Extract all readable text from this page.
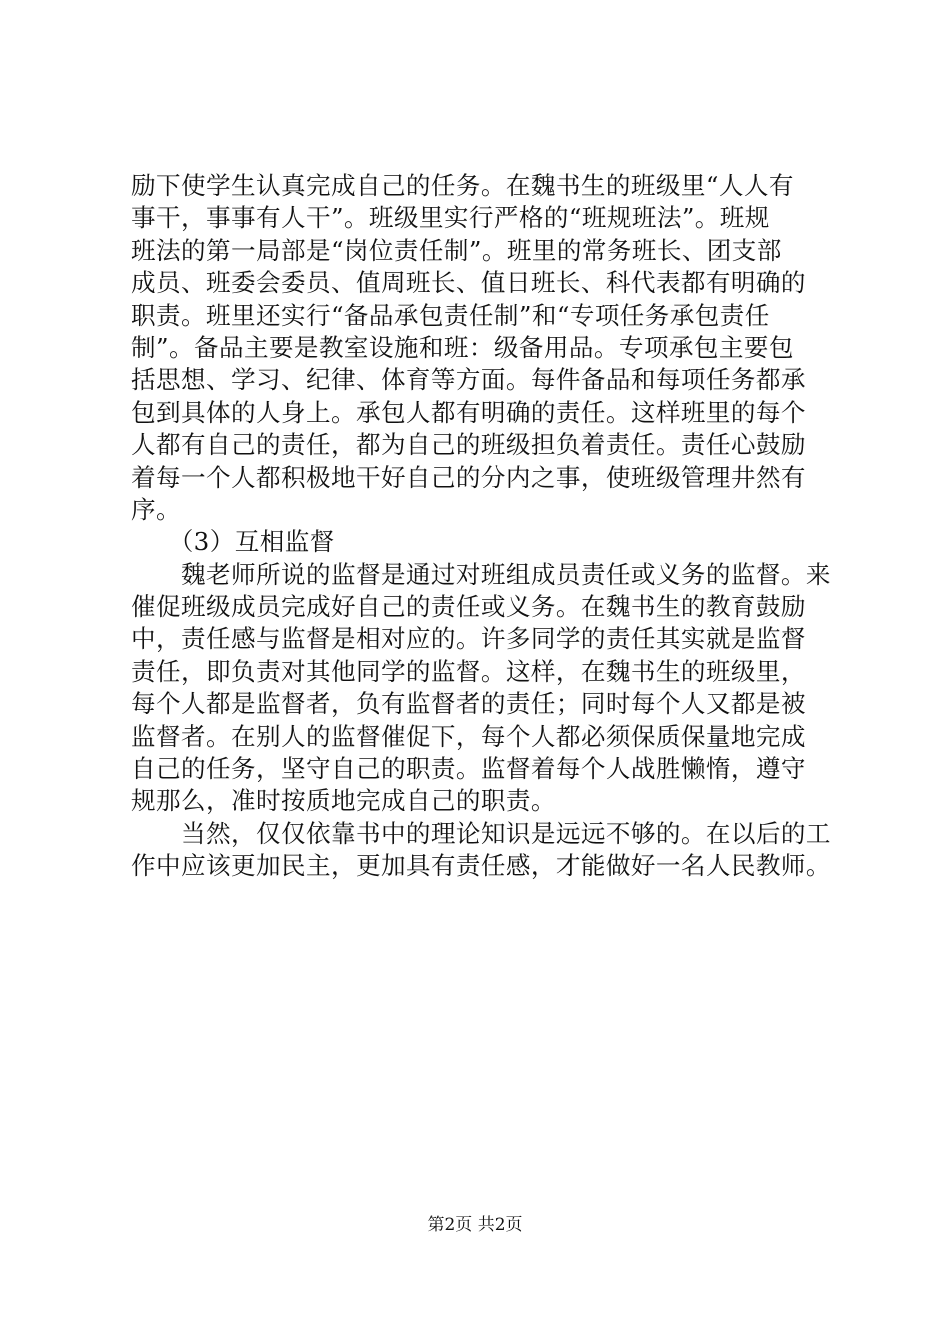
励下使学生认真完成自己的任务。在魏书生的班级里“人人有
事干，事事有人干”。班级里实行严格的“班规班法”。班规
班法的第一局部是“岗位责任制”。班里的常务班长、团支部
成员、班委会委员、值周班长、值日班长、科代表都有明确的
职责。班里还实行“备品承包责任制”和“专项任务承包责任
制”。备品主要是教室设施和班：级备用品。专项承包主要包
括思想、学习、纪律、体育等方面。每件备品和每项任务都承
包到具体的人身上。承包人都有明确的责任。这样班里的每个
人都有自己的责任，都为自己的班级担负着责任。责任心鼓励
着每一个人都积极地干好自己的分内之事，使班级管理井然有
序。
　　（3）互相监督
　　魏老师所说的监督是通过对班组成员责任或义务的监督。来
催促班级成员完成好自己的责任或义务。在魏书生的教育鼓励
中，责任感与监督是相对应的。许多同学的责任其实就是监督
责任，即负责对其他同学的监督。这样，在魏书生的班级里，
每个人都是监督者，负有监督者的责任；同时每个人又都是被
监督者。在别人的监督催促下，每个人都必须保质保量地完成
自己的任务，坚守自己的职责。监督着每个人战胜懒惰，遵守
规那么，准时按质地完成自己的职责。
　　当然，仅仅依靠书中的理论知识是远远不够的。在以后的工
作中应该更加民主，更加具有责任感，才能做好一名人民教师。
第2页 共2页
